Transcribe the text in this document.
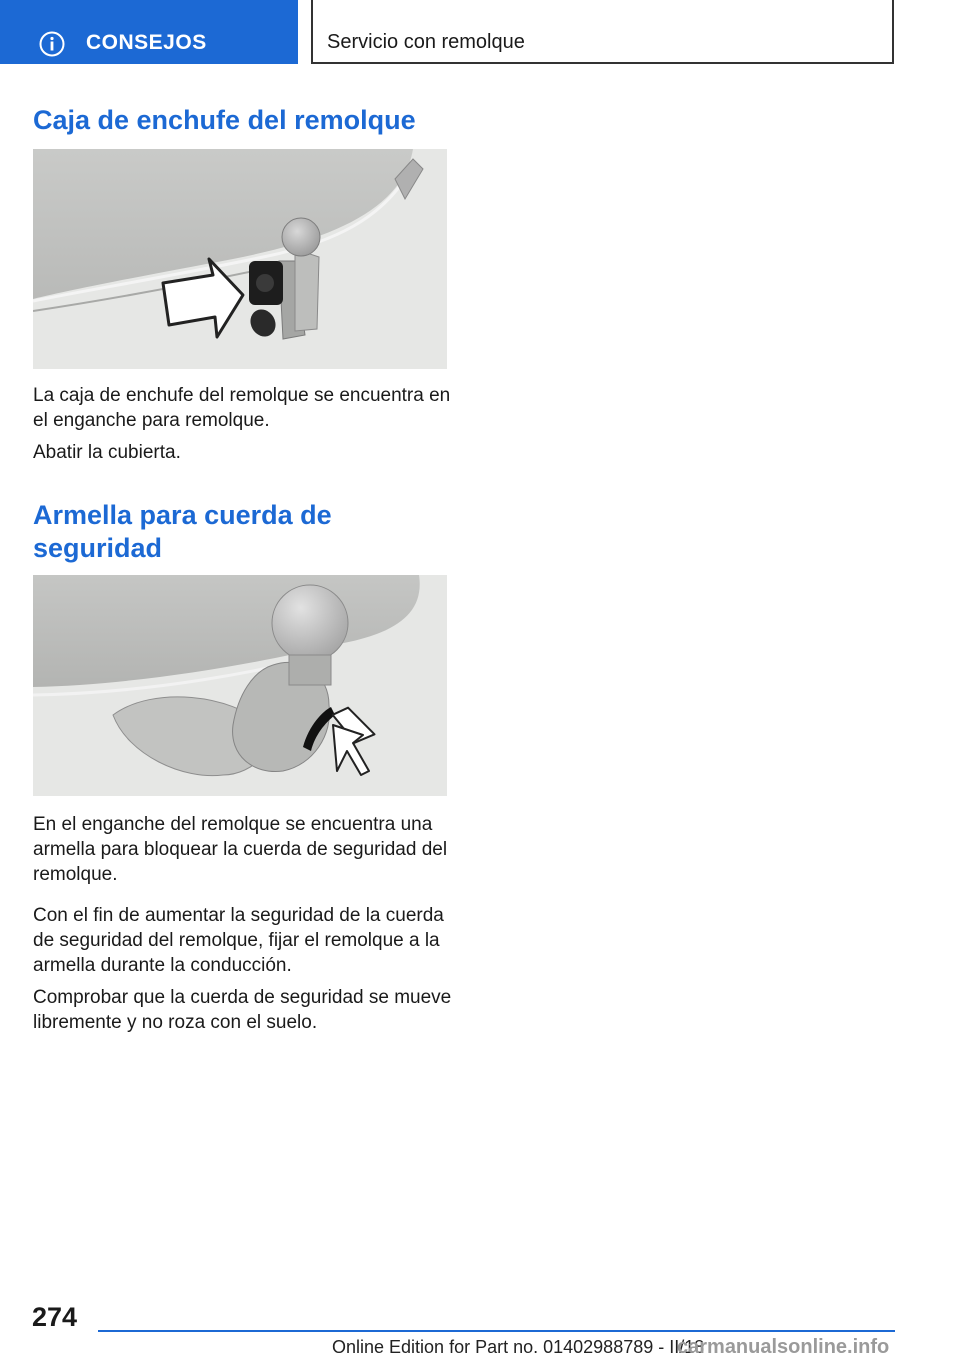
CONSEJOS	Servicio con remolque
Caja de enchufe del remolque

La caja de enchufe del remolque se encuentra en el enganche para remolque.

Abatir la cubierta.

Armella para cuerda de seguridad

En el enganche del remolque se encuentra una armella para bloquear la cuerda de seguridad del remolque.

Con el fin de aumentar la seguridad de la cuerda de seguridad del remolque, fijar el remolque a la armella durante la conducción.

Comprobar que la cuerda de seguridad se mueve libremente y no roza con el suelo.

274
Online Edition for Part no. 01402988789 - II/18
carmanualsonline.info
